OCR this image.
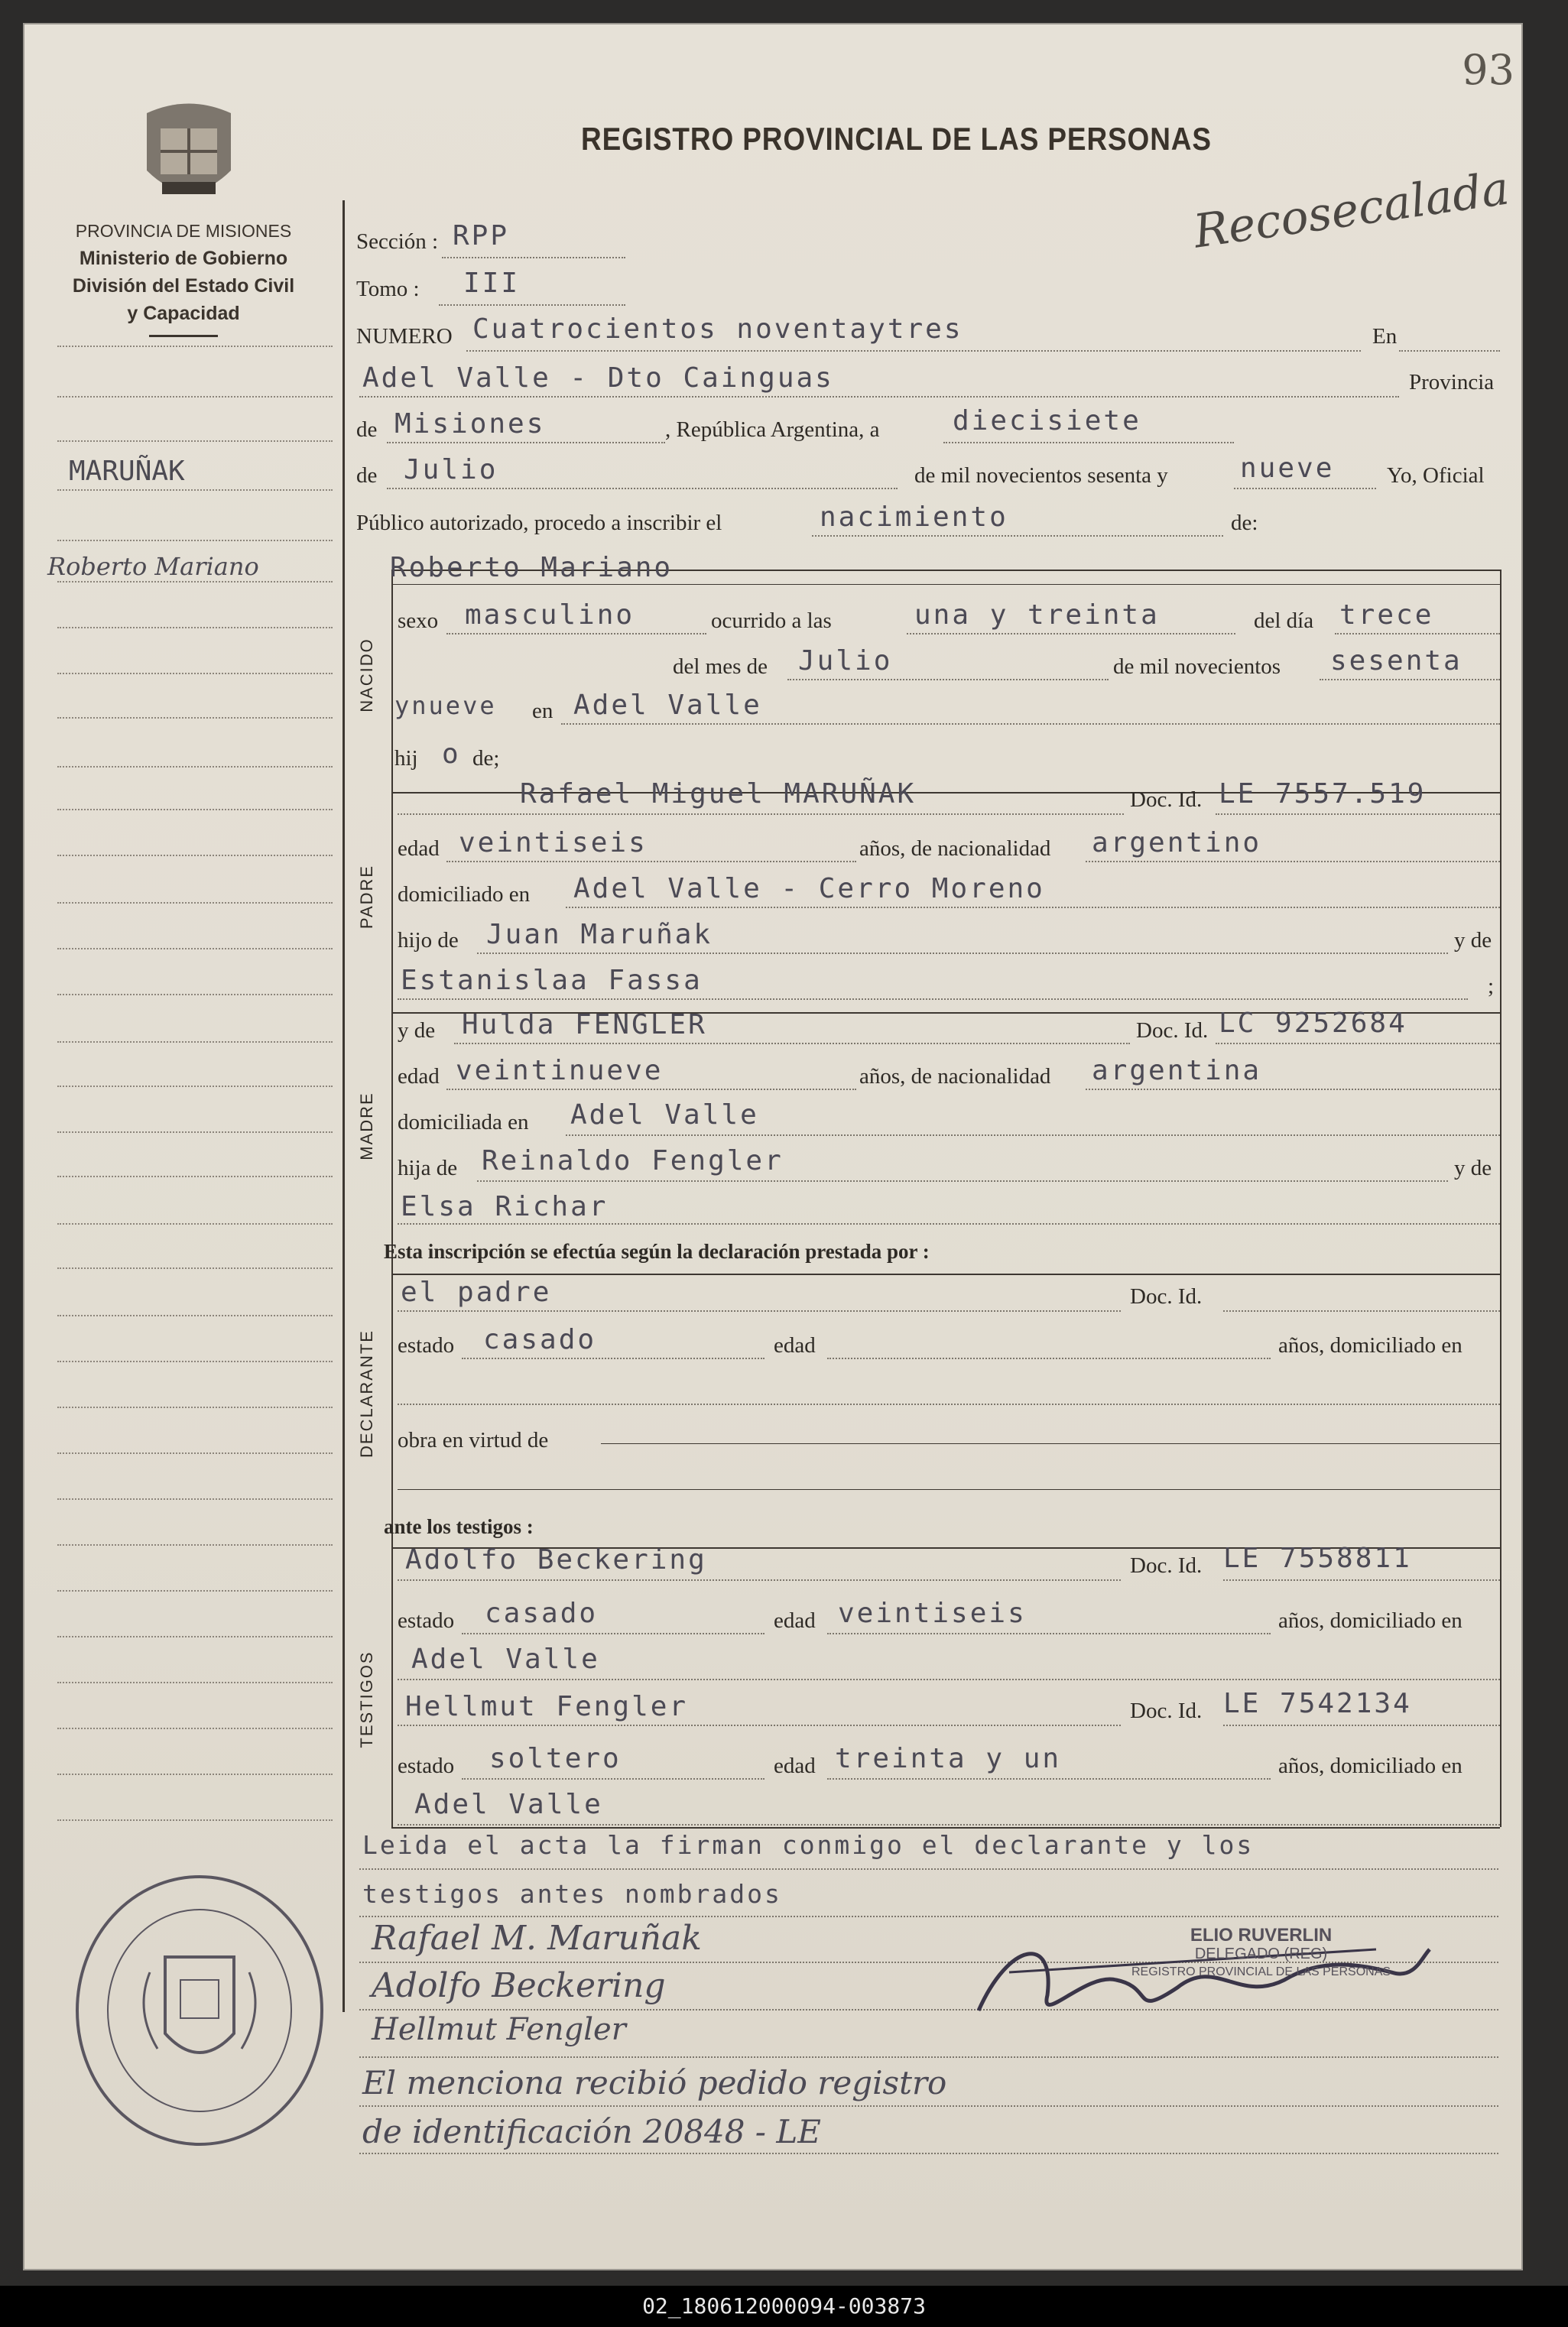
93
REGISTRO PROVINCIAL DE LAS PERSONAS
Recosecalada
PROVINCIA DE MISIONES
Ministerio de Gobierno
División del Estado Civil
y Capacidad
MARUÑAK
Roberto Mariano
Sección : RPP
Tomo : III
NUMERO Cuatrocientos noventaytres	En
Adel Valle - Dto Cainguas	Provincia
de Misiones	, República Argentina, a	diecisiete
de Julio	de mil novecientos sesenta y	nueve Yo, Oficial
Público autorizado, procedo a inscribir el	nacimiento	de:
NACIDO
Roberto Mariano
sexo masculino	ocurrido a las	una y treinta	del día trece
del mes de Julio	de mil novecientos sesenta
ynueve en Adel Valle
hij o de;
PADRE
Rafael Miguel MARUÑAK	Doc. Id. LE 7557.519
edad veintiseis	años, de nacionalidad argentino
domiciliado en Adel Valle - Cerro Moreno
hijo de Juan Maruñak	y de
Estanislaa Fassa	;
MADRE
y de Hulda FENGLER	Doc. Id. LC 9252684
edad veintinueve	años, de nacionalidad argentina
domiciliada en Adel Valle
hija de Reinaldo Fengler	y de
Elsa Richar
Esta inscripción se efectúa según la declaración prestada por :
DECLARANTE
el padre	Doc. Id.
estado casado	edad	años, domiciliado en
obra en virtud de
ante los testigos :
TESTIGOS
Adolfo Beckering	Doc. Id. LE 7558811
estado casado	edad veintiseis	años, domiciliado en
Adel Valle
Hellmut Fengler	Doc. Id. LE 7542134
estado soltero	edad treinta y un	años, domiciliado en
Adel Valle
Leida el acta la firman conmigo el declarante y los
testigos antes nombrados
Rafael M. Maruñak
Adolfo Beckering
Hellmut Fengler
El menciona recibió pedido registro
de identificación 20848 - LE
ELIO RUVERLIN
DELEGADO (REG)
REGISTRO PROVINCIAL DE LAS PERSONAS
02_180612000094-003873
